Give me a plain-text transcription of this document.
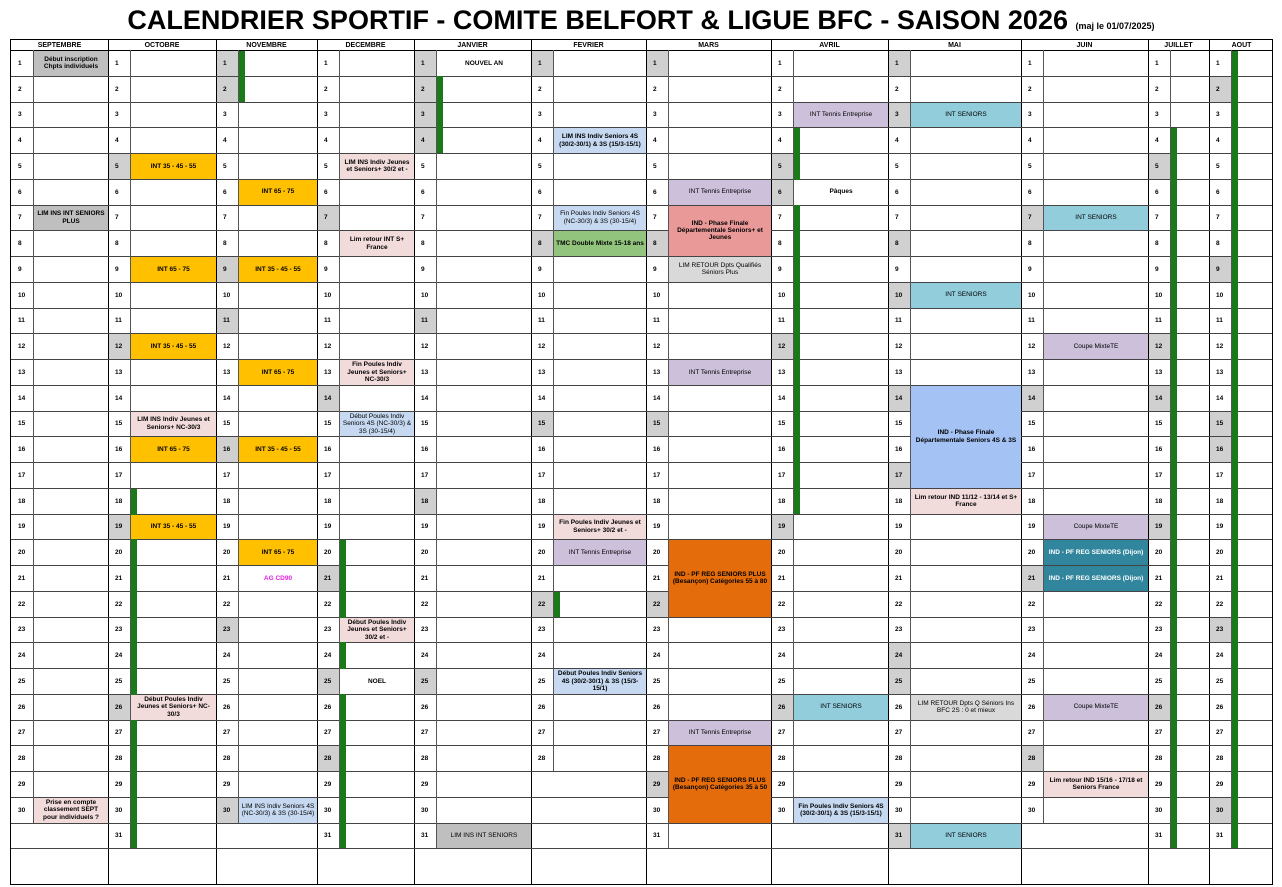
CALENDRIER SPORTIF - COMITE BELFORT & LIGUE BFC - SAISON 2026 (maj le 01/07/2025)
SEPTEMBRE
1
2
3
4
5
6
7
8
9
10
11
12
13
14
15
16
17
18
19
20
21
22
23
24
25
26
27
28
29
30
OCTOBRE
1
2
3
4
5
6
7
8
9
10
11
12
13
14
15
16
17
18
19
20
21
22
23
24
25
26
27
28
29
30
31
NOVEMBRE
1
2
3
4
5
6
7
8
9
10
11
12
13
14
15
16
17
18
19
20
21
22
23
24
25
26
27
28
29
30
DECEMBRE
1
2
3
4
5
6
7
8
9
10
11
12
13
14
15
16
17
18
19
20
21
22
23
24
25
26
27
28
29
30
31
JANVIER
1
2
3
4
5
6
7
8
9
10
11
12
13
14
15
16
17
18
19
20
21
22
23
24
25
26
27
28
29
30
31
FEVRIER
1
2
3
4
5
6
7
8
9
10
11
12
13
14
15
16
17
18
19
20
21
22
23
24
25
26
27
28
MARS
1
2
3
4
5
6
7
8
9
10
11
12
13
14
15
16
17
18
19
20
21
22
23
24
25
26
27
28
29
30
31
AVRIL
1
2
3
4
5
6
7
8
9
10
11
12
13
14
15
16
17
18
19
20
21
22
23
24
25
26
27
28
29
30
MAI
1
2
3
4
5
6
7
8
9
10
11
12
13
14
15
16
17
18
19
20
21
22
23
24
25
26
27
28
29
30
31
JUIN
1
2
3
4
5
6
7
8
9
10
11
12
13
14
15
16
17
18
19
20
21
22
23
24
25
26
27
28
29
30
JUILLET
1
2
3
4
5
6
7
8
9
10
11
12
13
14
15
16
17
18
19
20
21
22
23
24
25
26
27
28
29
30
31
AOUT
1
2
3
4
5
6
7
8
9
10
11
12
13
14
15
16
17
18
19
20
21
22
23
24
25
26
27
28
29
30
31
Début inscription Chpts individuels
LIM INS INT SENIORS PLUS
Prise en compte classement SEPT pour individuels ?
INT 35 - 45 - 55
INT 65 - 75
INT 35 - 45 - 55
LIM INS Indiv Jeunes et Seniors+ NC-30/3
INT 65 - 75
INT 35 - 45 - 55
Début Poules Indiv Jeunes et Seniors+ NC-30/3
INT 65 - 75
INT 35 - 45 - 55
INT 65 - 75
INT 35 - 45 - 55
INT 65 - 75
AG CD90
LIM INS Indiv Seniors 4S (NC-30/3) & 3S (30-15/4)
LIM INS Indiv Jeunes et Seniors+ 30/2 et -
Lim retour INT S+ France
Fin Poules Indiv Jeunes et Seniors+ NC-30/3
Début Poules Indiv Seniors 4S (NC-30/3) & 3S (30-15/4)
Début Poules Indiv Jeunes et Seniors+ 30/2 et -
NOEL
NOUVEL AN
LIM INS INT SENIORS
LIM INS Indiv Seniors 4S (30/2-30/1) & 3S (15/3-15/1)
Fin Poules Indiv Seniors 4S (NC-30/3) & 3S (30-15/4)
TMC Double Mixte 15-18 ans
Fin Poules Indiv Jeunes et Seniors+ 30/2 et -
INT Tennis Entreprise
Début Poules Indiv Seniors 4S (30/2-30/1) & 3S (15/3-15/1)
INT Tennis Entreprise
IND - Phase Finale Départementale Seniors+ et Jeunes
LIM RETOUR Dpts Qualifiés Séniors Plus
INT Tennis Entreprise
IND - PF REG SENIORS PLUS (Besançon) Catégories 55 à 80
INT Tennis Entreprise
IND - PF REG SENIORS PLUS (Besançon) Catégories 35 à 50
INT Tennis Entreprise
Pâques
INT SENIORS
Fin Poules Indiv Seniors 4S (30/2-30/1) & 3S (15/3-15/1)
INT SENIORS
INT SENIORS
IND - Phase Finale Départementale Seniors 4S & 3S
Lim retour IND 11/12 - 13/14 et S+ France
LIM RETOUR Dpts Q Séniors Ins BFC 2S : 0 et mieux
INT SENIORS
INT SENIORS
Coupe MixteTE
Coupe MixteTE
IND - PF REG SENIORS (Dijon)
IND - PF REG SENIORS (Dijon)
Coupe MixteTE
Lim retour IND 15/16 - 17/18 et Seniors France
